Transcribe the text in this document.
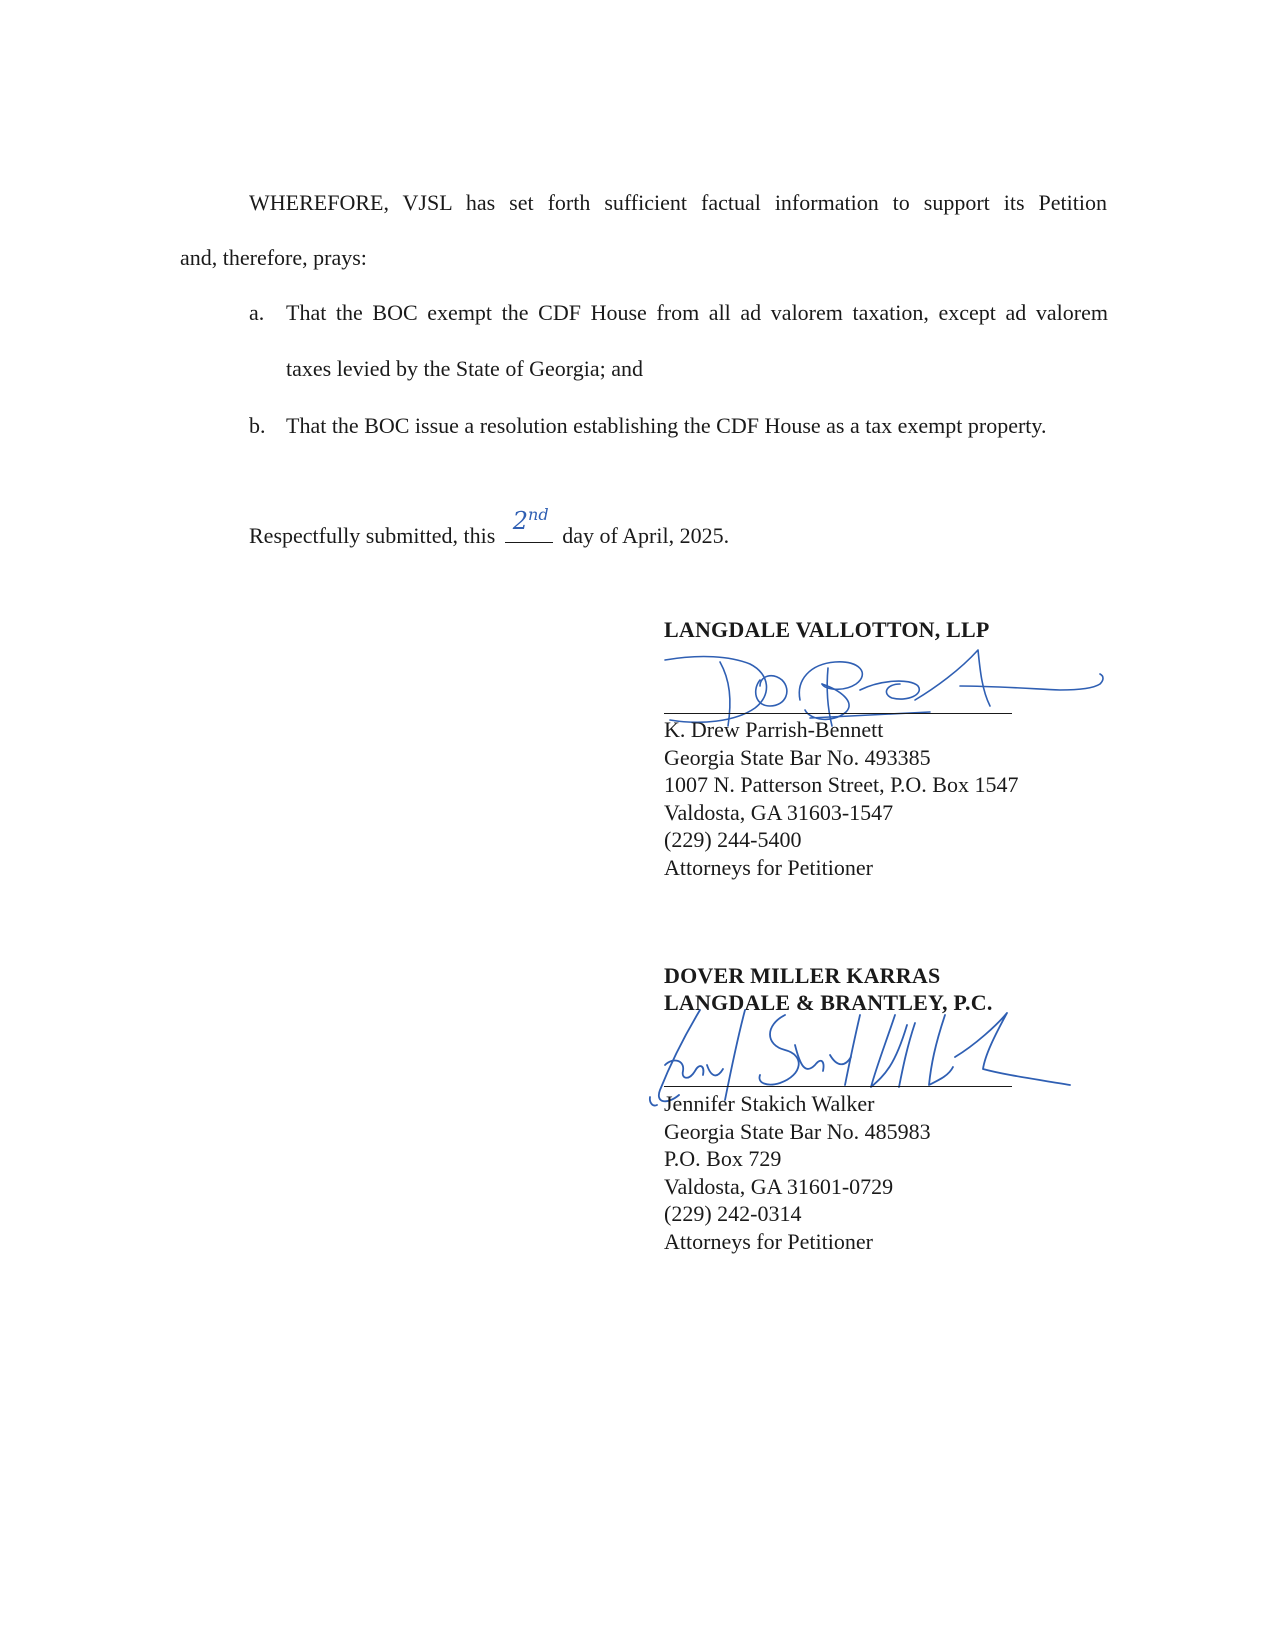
WHEREFORE, VJSL has set forth sufficient factual information to support its Petition
and, therefore, prays:
a. That the BOC exempt the CDF House from all ad valorem taxation, except ad valorem
taxes levied by the State of Georgia; and
b. That the BOC issue a resolution establishing the CDF House as a tax exempt property.
Respectfully submitted, this
2nd
day of April, 2025.
LANGDALE VALLOTTON, LLP
K. Drew Parrish-Bennett
Georgia State Bar No. 493385
1007 N. Patterson Street, P.O. Box 1547
Valdosta, GA 31603-1547
(229) 244-5400
Attorneys for Petitioner
DOVER MILLER KARRAS
LANGDALE & BRANTLEY, P.C.
Jennifer Stakich Walker
Georgia State Bar No. 485983
P.O. Box 729
Valdosta, GA 31601-0729
(229) 242-0314
Attorneys for Petitioner
